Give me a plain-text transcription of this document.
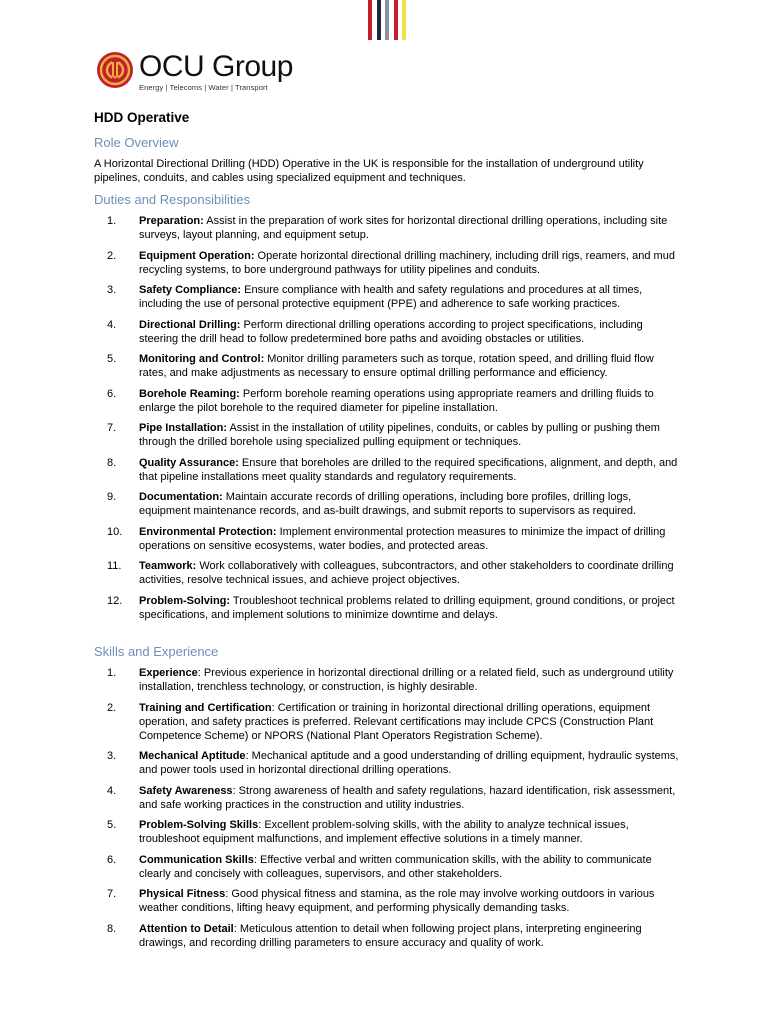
OCU Group
Energy | Telecoms | Water | Transport
HDD Operative
Role Overview
A Horizontal Directional Drilling (HDD) Operative in the UK is responsible for the installation of underground utility pipelines, conduits, and cables using specialized equipment and techniques.
Duties and Responsibilities
1.	Preparation: Assist in the preparation of work sites for horizontal directional drilling operations, including site surveys, layout planning, and equipment setup.
2.	Equipment Operation: Operate horizontal directional drilling machinery, including drill rigs, reamers, and mud recycling systems, to bore underground pathways for utility pipelines and conduits.
3.	Safety Compliance: Ensure compliance with health and safety regulations and procedures at all times, including the use of personal protective equipment (PPE) and adherence to safe working practices.
4.	Directional Drilling: Perform directional drilling operations according to project specifications, including steering the drill head to follow predetermined bore paths and avoiding obstacles or utilities.
5.	Monitoring and Control: Monitor drilling parameters such as torque, rotation speed, and drilling fluid flow rates, and make adjustments as necessary to ensure optimal drilling performance and efficiency.
6.	Borehole Reaming: Perform borehole reaming operations using appropriate reamers and drilling fluids to enlarge the pilot borehole to the required diameter for pipeline installation.
7.	Pipe Installation: Assist in the installation of utility pipelines, conduits, or cables by pulling or pushing them through the drilled borehole using specialized pulling equipment or techniques.
8.	Quality Assurance: Ensure that boreholes are drilled to the required specifications, alignment, and depth, and that pipeline installations meet quality standards and regulatory requirements.
9.	Documentation: Maintain accurate records of drilling operations, including bore profiles, drilling logs, equipment maintenance records, and as-built drawings, and submit reports to supervisors as required.
10.	Environmental Protection: Implement environmental protection measures to minimize the impact of drilling operations on sensitive ecosystems, water bodies, and protected areas.
11.	Teamwork: Work collaboratively with colleagues, subcontractors, and other stakeholders to coordinate drilling activities, resolve technical issues, and achieve project objectives.
12.	Problem-Solving: Troubleshoot technical problems related to drilling equipment, ground conditions, or project specifications, and implement solutions to minimize downtime and delays.
Skills and Experience
1.	Experience: Previous experience in horizontal directional drilling or a related field, such as underground utility installation, trenchless technology, or construction, is highly desirable.
2.	Training and Certification: Certification or training in horizontal directional drilling operations, equipment operation, and safety practices is preferred. Relevant certifications may include CPCS (Construction Plant Competence Scheme) or NPORS (National Plant Operators Registration Scheme).
3.	Mechanical Aptitude: Mechanical aptitude and a good understanding of drilling equipment, hydraulic systems, and power tools used in horizontal directional drilling operations.
4.	Safety Awareness: Strong awareness of health and safety regulations, hazard identification, risk assessment, and safe working practices in the construction and utility industries.
5.	Problem-Solving Skills: Excellent problem-solving skills, with the ability to analyze technical issues, troubleshoot equipment malfunctions, and implement effective solutions in a timely manner.
6.	Communication Skills: Effective verbal and written communication skills, with the ability to communicate clearly and concisely with colleagues, supervisors, and other stakeholders.
7.	Physical Fitness: Good physical fitness and stamina, as the role may involve working outdoors in various weather conditions, lifting heavy equipment, and performing physically demanding tasks.
8.	Attention to Detail: Meticulous attention to detail when following project plans, interpreting engineering drawings, and recording drilling parameters to ensure accuracy and quality of work.
